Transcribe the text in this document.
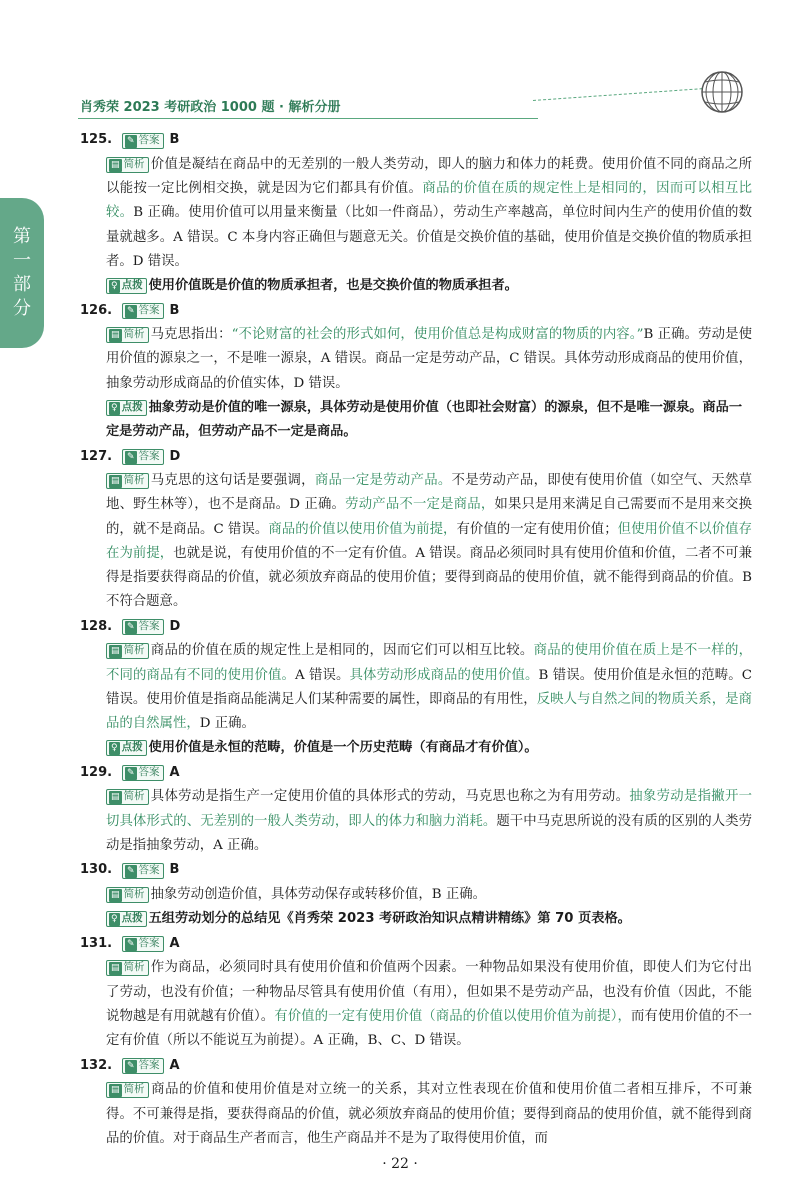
肖秀荣 2023 考研政治 1000 题 · 解析分册
第
一
部
分
125.	✎ 答案 B
▤ 简析 价值是凝结在商品中的无差别的一般人类劳动，即人的脑力和体力的耗费。使用价值不同的商品之所以能按一定比例相交换，就是因为它们都具有价值。商品的价值在质的规定性上是相同的，因而可以相互比较。B 正确。使用价值可以用量来衡量（比如一件商品），劳动生产率越高，单位时间内生产的使用价值的数量就越多。A 错误。C 本身内容正确但与题意无关。价值是交换价值的基础，使用价值是交换价值的物质承担者。D 错误。
♀ 点拨 使用价值既是价值的物质承担者，也是交换价值的物质承担者。
126.	✎ 答案 B
▤ 简析 马克思指出：“不论财富的社会的形式如何，使用价值总是构成财富的物质的内容。”B 正确。劳动是使用价值的源泉之一，不是唯一源泉，A 错误。商品一定是劳动产品，C 错误。具体劳动形成商品的使用价值，抽象劳动形成商品的价值实体，D 错误。
♀ 点拨 抽象劳动是价值的唯一源泉，具体劳动是使用价值（也即社会财富）的源泉，但不是唯一源泉。商品一定是劳动产品，但劳动产品不一定是商品。
127.	✎ 答案 D
▤ 简析 马克思的这句话是要强调，商品一定是劳动产品。不是劳动产品，即使有使用价值（如空气、天然草地、野生林等），也不是商品。D 正确。劳动产品不一定是商品，如果只是用来满足自己需要而不是用来交换的，就不是商品。C 错误。商品的价值以使用价值为前提，有价值的一定有使用价值；但使用价值不以价值存在为前提，也就是说，有使用价值的不一定有价值。A 错误。商品必须同时具有使用价值和价值，二者不可兼得是指要获得商品的价值，就必须放弃商品的使用价值；要得到商品的使用价值，就不能得到商品的价值。B 不符合题意。
128.	✎ 答案 D
▤ 简析 商品的价值在质的规定性上是相同的，因而它们可以相互比较。商品的使用价值在质上是不一样的，不同的商品有不同的使用价值。A 错误。具体劳动形成商品的使用价值。B 错误。使用价值是永恒的范畴。C 错误。使用价值是指商品能满足人们某种需要的属性，即商品的有用性，反映人与自然之间的物质关系，是商品的自然属性，D 正确。
♀ 点拨 使用价值是永恒的范畴，价值是一个历史范畴（有商品才有价值）。
129.	✎ 答案 A
▤ 简析 具体劳动是指生产一定使用价值的具体形式的劳动，马克思也称之为有用劳动。抽象劳动是指撇开一切具体形式的、无差别的一般人类劳动，即人的体力和脑力消耗。题干中马克思所说的没有质的区别的人类劳动是指抽象劳动，A 正确。
130.	✎ 答案 B
▤ 简析 抽象劳动创造价值，具体劳动保存或转移价值，B 正确。
♀ 点拨 五组劳动划分的总结见《肖秀荣 2023 考研政治知识点精讲精练》第 70 页表格。
131.	✎ 答案 A
▤ 简析 作为商品，必须同时具有使用价值和价值两个因素。一种物品如果没有使用价值，即使人们为它付出了劳动，也没有价值；一种物品尽管具有使用价值（有用），但如果不是劳动产品，也没有价值（因此，不能说物越是有用就越有价值）。有价值的一定有使用价值（商品的价值以使用价值为前提），而有使用价值的不一定有价值（所以不能说互为前提）。A 正确，B、C、D 错误。
132.	✎ 答案 A
▤ 简析 商品的价值和使用价值是对立统一的关系，其对立性表现在价值和使用价值二者相互排斥，不可兼得。不可兼得是指，要获得商品的价值，就必须放弃商品的使用价值；要得到商品的使用价值，就不能得到商品的价值。对于商品生产者而言，他生产商品并不是为了取得使用价值，而
· 22 ·
